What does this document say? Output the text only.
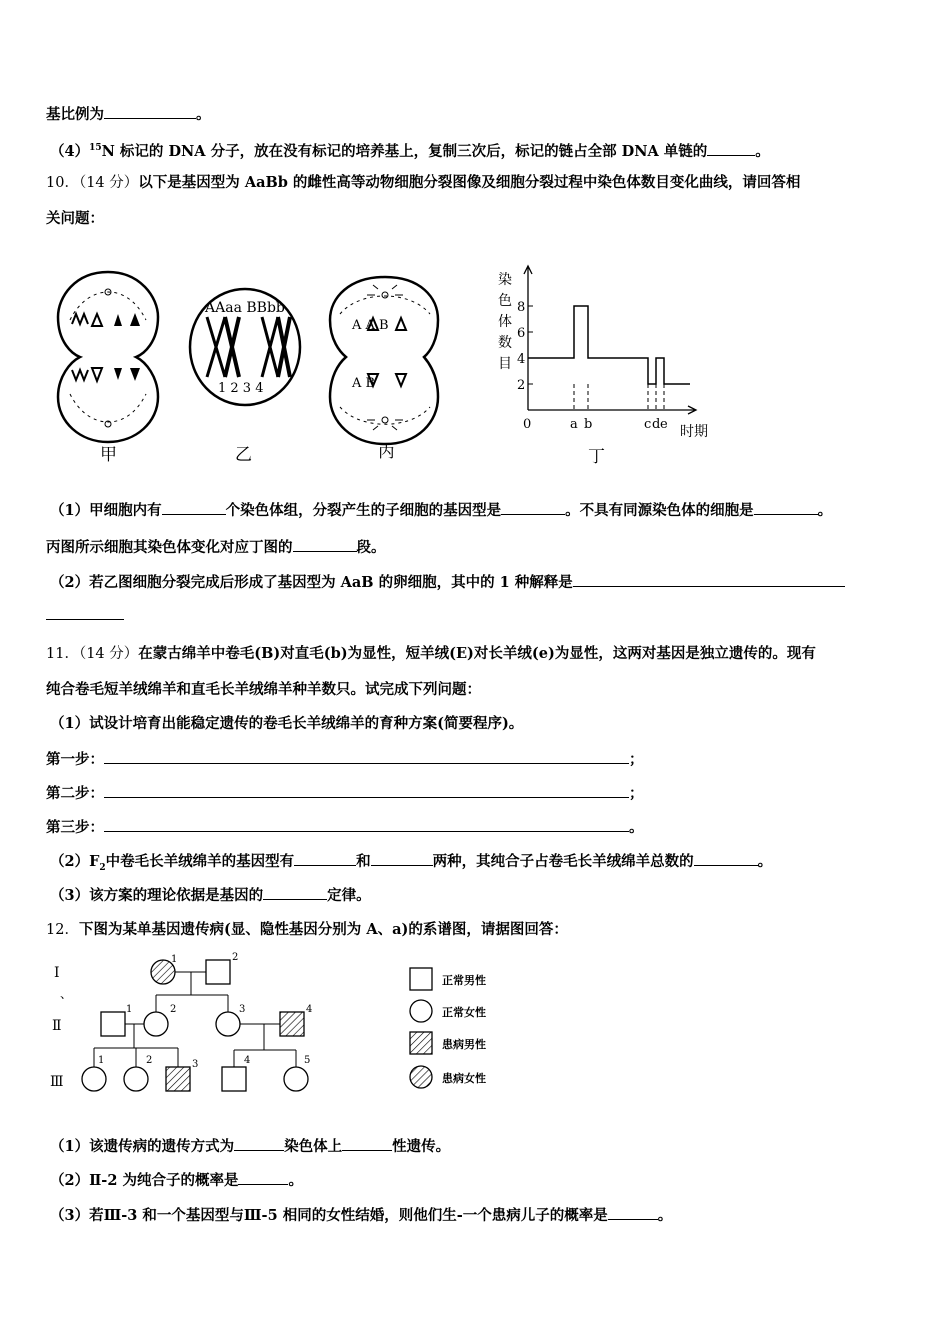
基比例为	。
$(4)^{15}N$ 标记的 DNA 分子，放在没有标记的培养基上，复制三次后，标记的链占全部 DNA 单链的	。
10．（14 分）以下是基因型为 AaBb 的雌性高等动物细胞分裂图像及细胞分裂过程中染色体数目变化曲线，请回答相
关问题：
甲
AAaa BBbb
1 2 3 4
乙
A A B
A B
丙
染
色
体
数
目
2
4
6
8
0	a b	c d e 时期
丁
（1）甲细胞内有	个染色体组，分裂产生的子细胞的基因型是	。不具有同源染色体的细胞是	。
丙图所示细胞其染色体变化对应丁图的	段。
（2）若乙图细胞分裂完成后形成了基因型为 AaB 的卵细胞，其中的 1 种解释是
11．（14 分）在蒙古绵羊中卷毛(B)对直毛(b)为显性，短羊绒(E)对长羊绒(e)为显性，这两对基因是独立遗传的。现有
纯合卷毛短羊绒绵羊和直毛长羊绒绵羊种羊数只。试完成下列问题：
（1）试设计培育出能稳定遗传的卷毛长羊绒绵羊的育种方案(简要程序)。
第一步：	；
第二步：	；
第三步：	。
$(2)F_2$中卷毛长羊绒绵羊的基因型有	和	两种，其纯合子占卷毛长羊绒绵羊总数的	。
（3）该方案的理论依据是基因的	定律。
12．下图为某单基因遗传病(显、隐性基因分别为 A、a)的系谱图，请据图回答：
Ⅰ
、
Ⅱ
Ⅲ
1	2
1	2	3	4
1	2	3	4	5
正常男性
正常女性
患病男性
患病女性
（1）该遗传病的遗传方式为	染色体上	性遗传。
（2）Ⅱ-2 为纯合子的概率是	。
（3）若Ⅲ-3 和一个基因型与Ⅲ-5 相同的女性结婚，则他们生-一个患病儿子的概率是	。
